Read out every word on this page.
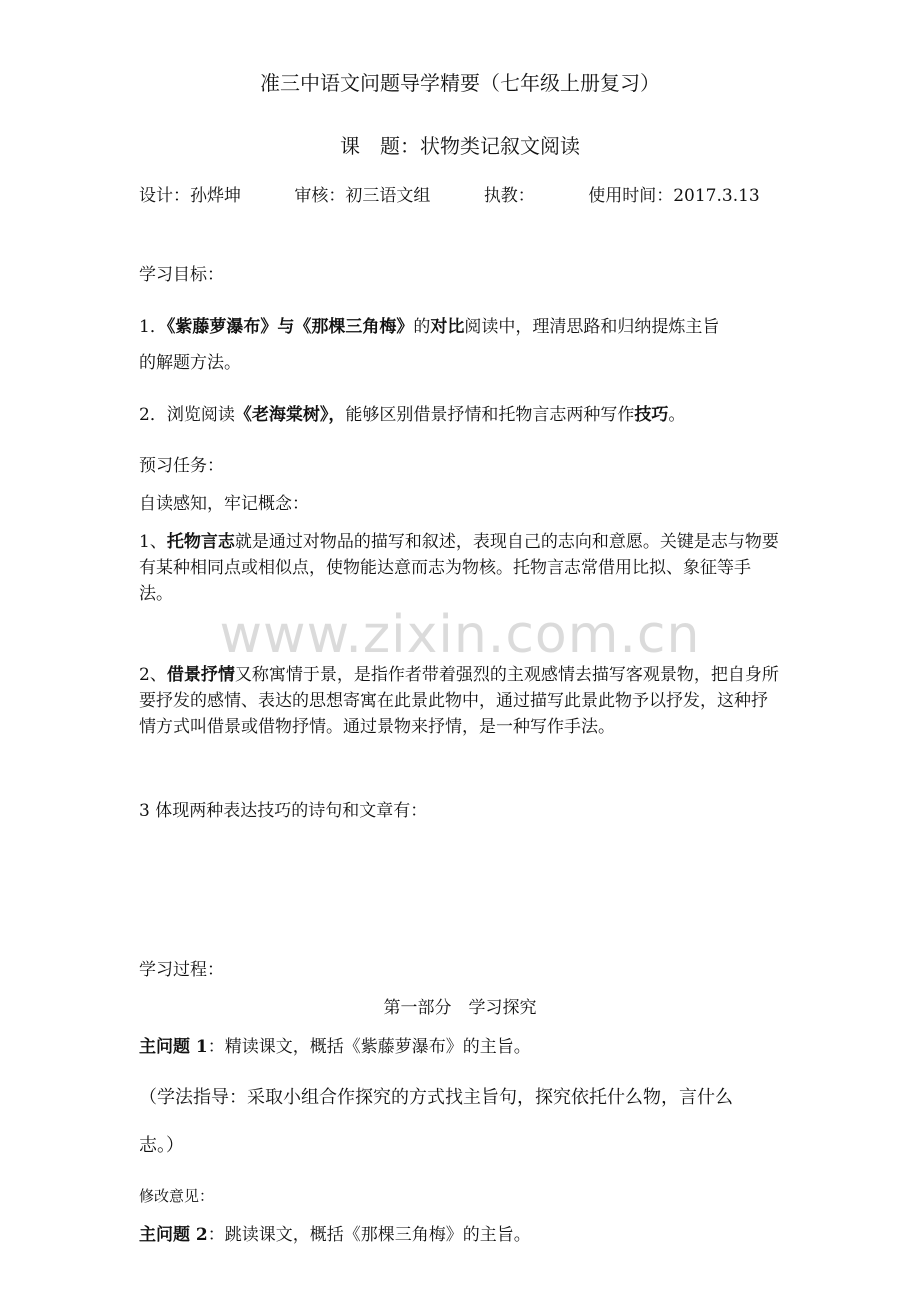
准三中语文问题导学精要（七年级上册复习）
课　题：状物类记叙文阅读
设计：孙烨坤	审核：初三语文组	执教：	使用时间：2017.3.13
学习目标：
1．《紫藤萝瀑布》与《那棵三角梅》的对比阅读中，理清思路和归纳提炼主旨
的解题方法。
2．浏览阅读《老海棠树》，能够区别借景抒情和托物言志两种写作技巧。
预习任务：
自读感知，牢记概念：
1、托物言志就是通过对物品的描写和叙述，表现自己的志向和意愿。关键是志与物要有某种相同点或相似点，使物能达意而志为物核。托物言志常借用比拟、象征等手法。
www.zixin.com.cn
2、借景抒情又称寓情于景，是指作者带着强烈的主观感情去描写客观景物，把自身所要抒发的感情、表达的思想寄寓在此景此物中，通过描写此景此物予以抒发，这种抒情方式叫借景或借物抒情。通过景物来抒情，是一种写作手法。
3 体现两种表达技巧的诗句和文章有：
学习过程：
第一部分　学习探究
主问题 1：精读课文，概括《紫藤萝瀑布》的主旨。
（学法指导：采取小组合作探究的方式找主旨句，探究依托什么物，言什么
志。）
修改意见：
主问题 2：跳读课文，概括《那棵三角梅》的主旨。
